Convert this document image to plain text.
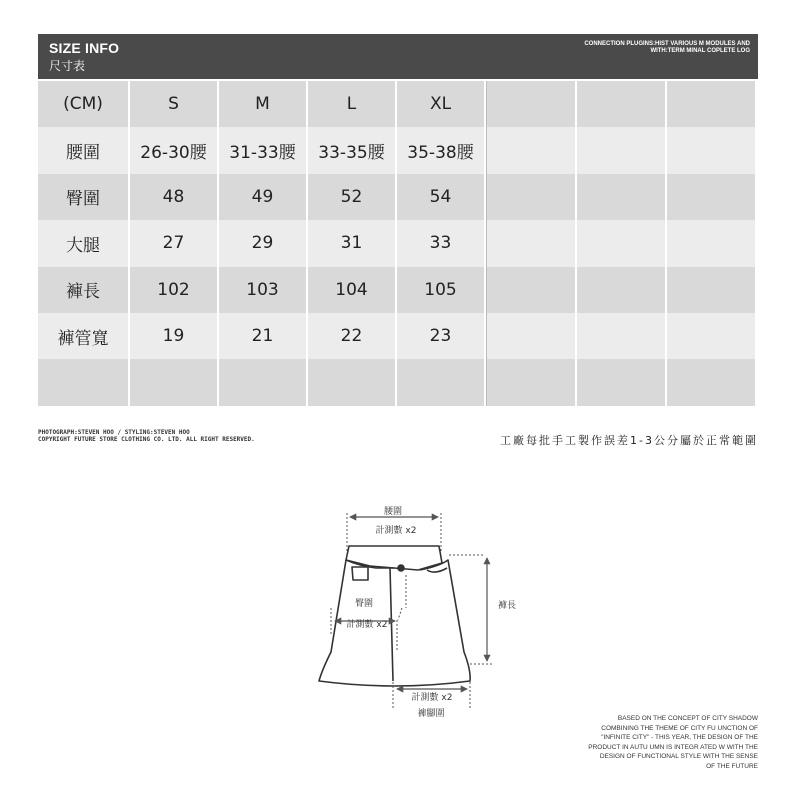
SIZE INFO
尺寸表
CONNECTION PLUGINS:HIST VARIOUS M MODULES AND
WITH:TERM MINAL COPLETE LOG
(CM)	S	M	L	XL			
腰圍	26-30腰	31-33腰	33-35腰	35-38腰			
臀圍	48	49	52	54			
大腿	27	29	31	33			
褲長	102	103	104	105			
褲管寬	19	21	22	23			

PHOTOGRAPH:STEVEN HOO / STYLING:STEVEN HOO
COPYRIGHT FUTURE STORE CLOTHING CO. LTD. ALL RIGHT RESERVED.	工廠每批手工製作誤差1-3公分屬於正常範圍
腰圍
計測數 x2
臀圍
計測數 x2
褲長
計測數 x2
褲腳圍	BASED ON THE CONCEPT OF CITY SHADOW
COMBINING THE THEME OF CITY FU UNCTION OF
"INFINITE CITY" - THIS YEAR, THE DESIGN OF THE
PRODUCT IN AUTU UMN IS INTEGR ATED W WITH THE
DESIGN OF FUNCTIONAL STYLE WITH THE SENSE
OF THE FUTURE
